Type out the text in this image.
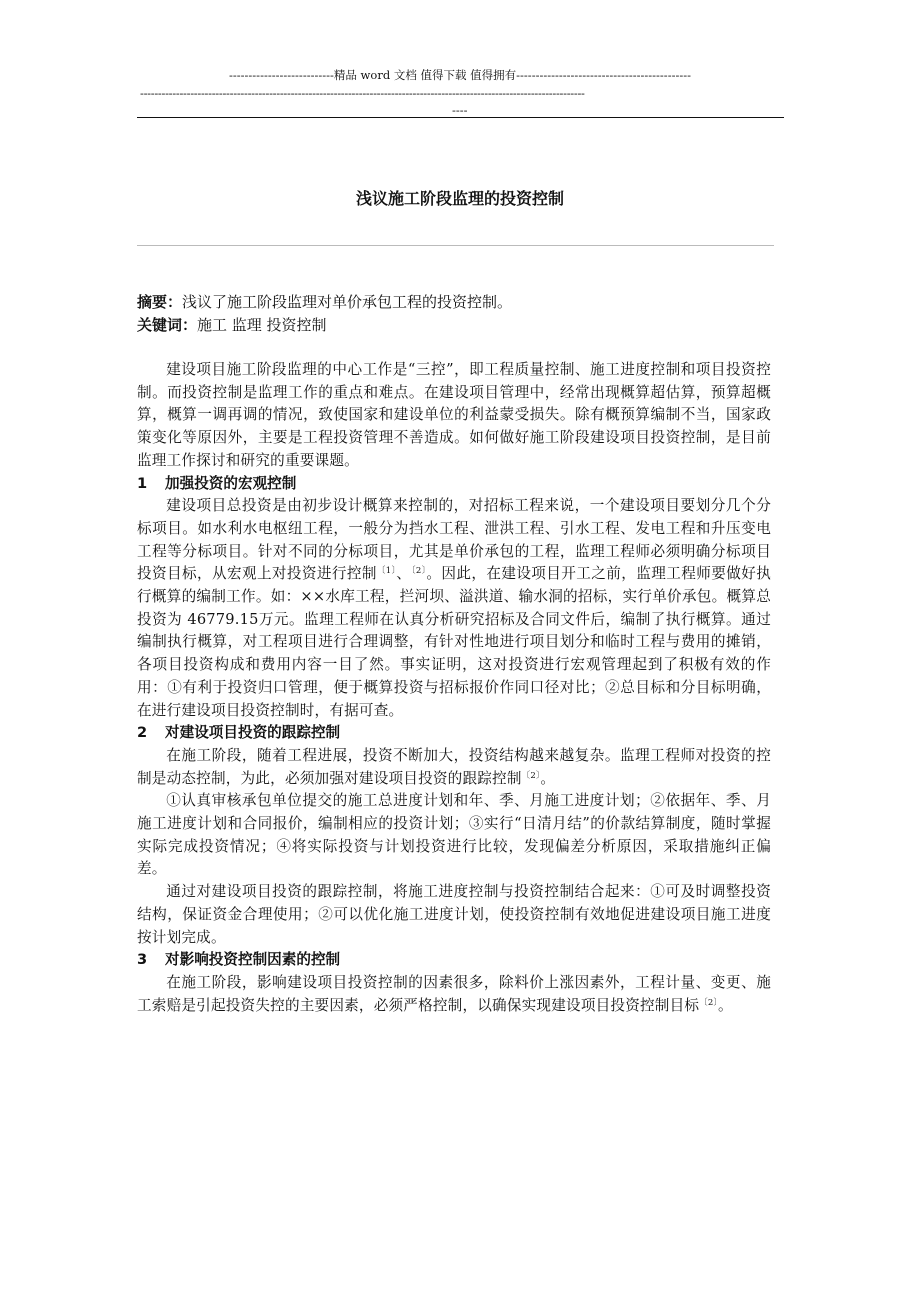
---------------------------精品 word 文档 值得下载 值得拥有---------------------------------------------
----------------------------------------------------------------------------------------------------------------------------
----
浅议施工阶段监理的投资控制
摘要：浅议了施工阶段监理对单价承包工程的投资控制。
关键词：施工 监理 投资控制

建设项目施工阶段监理的中心工作是“三控”，即工程质量控制、施工进度控制和项目投资控制。而投资控制是监理工作的重点和难点。在建设项目管理中，经常出现概算超估算，预算超概算，概算一调再调的情况，致使国家和建设单位的利益蒙受损失。除有概预算编制不当，国家政策变化等原因外，主要是工程投资管理不善造成。如何做好施工阶段建设项目投资控制，是目前监理工作探讨和研究的重要课题。

1 加强投资的宏观控制

建设项目总投资是由初步设计概算来控制的，对招标工程来说，一个建设项目要划分几个分标项目。如水利水电枢纽工程，一般分为挡水工程、泄洪工程、引水工程、发电工程和升压变电工程等分标项目。针对不同的分标项目，尤其是单价承包的工程，监理工程师必须明确分标项目投资目标，从宏观上对投资进行控制$^{〔1〕}$、$^{〔2〕}$。因此，在建设项目开工之前，监理工程师要做好执行概算的编制工作。如：××水库工程，拦河坝、溢洪道、输水洞的招标，实行单价承包。概算总投资为 46779.15万元。监理工程师在认真分析研究招标及合同文件后，编制了执行概算。通过编制执行概算，对工程项目进行合理调整，有针对性地进行项目划分和临时工程与费用的摊销，各项目投资构成和费用内容一目了然。事实证明，这对投资进行宏观管理起到了积极有效的作用：①有利于投资归口管理，便于概算投资与招标报价作同口径对比；②总目标和分目标明确，在进行建设项目投资控制时，有据可查。

2 对建设项目投资的跟踪控制

在施工阶段，随着工程进展，投资不断加大，投资结构越来越复杂。监理工程师对投资的控制是动态控制，为此，必须加强对建设项目投资的跟踪控制$^{〔2〕}$。

①认真审核承包单位提交的施工总进度计划和年、季、月施工进度计划；②依据年、季、月施工进度计划和合同报价，编制相应的投资计划；③实行“日清月结”的价款结算制度，随时掌握实际完成投资情况；④将实际投资与计划投资进行比较，发现偏差分析原因，采取措施纠正偏差。

通过对建设项目投资的跟踪控制，将施工进度控制与投资控制结合起来：①可及时调整投资结构，保证资金合理使用；②可以优化施工进度计划，使投资控制有效地促进建设项目施工进度按计划完成。

3 对影响投资控制因素的控制

在施工阶段，影响建设项目投资控制的因素很多，除料价上涨因素外，工程计量、变更、施工索赔是引起投资失控的主要因素，必须严格控制，以确保实现建设项目投资控制目标$^{〔2〕}$。
